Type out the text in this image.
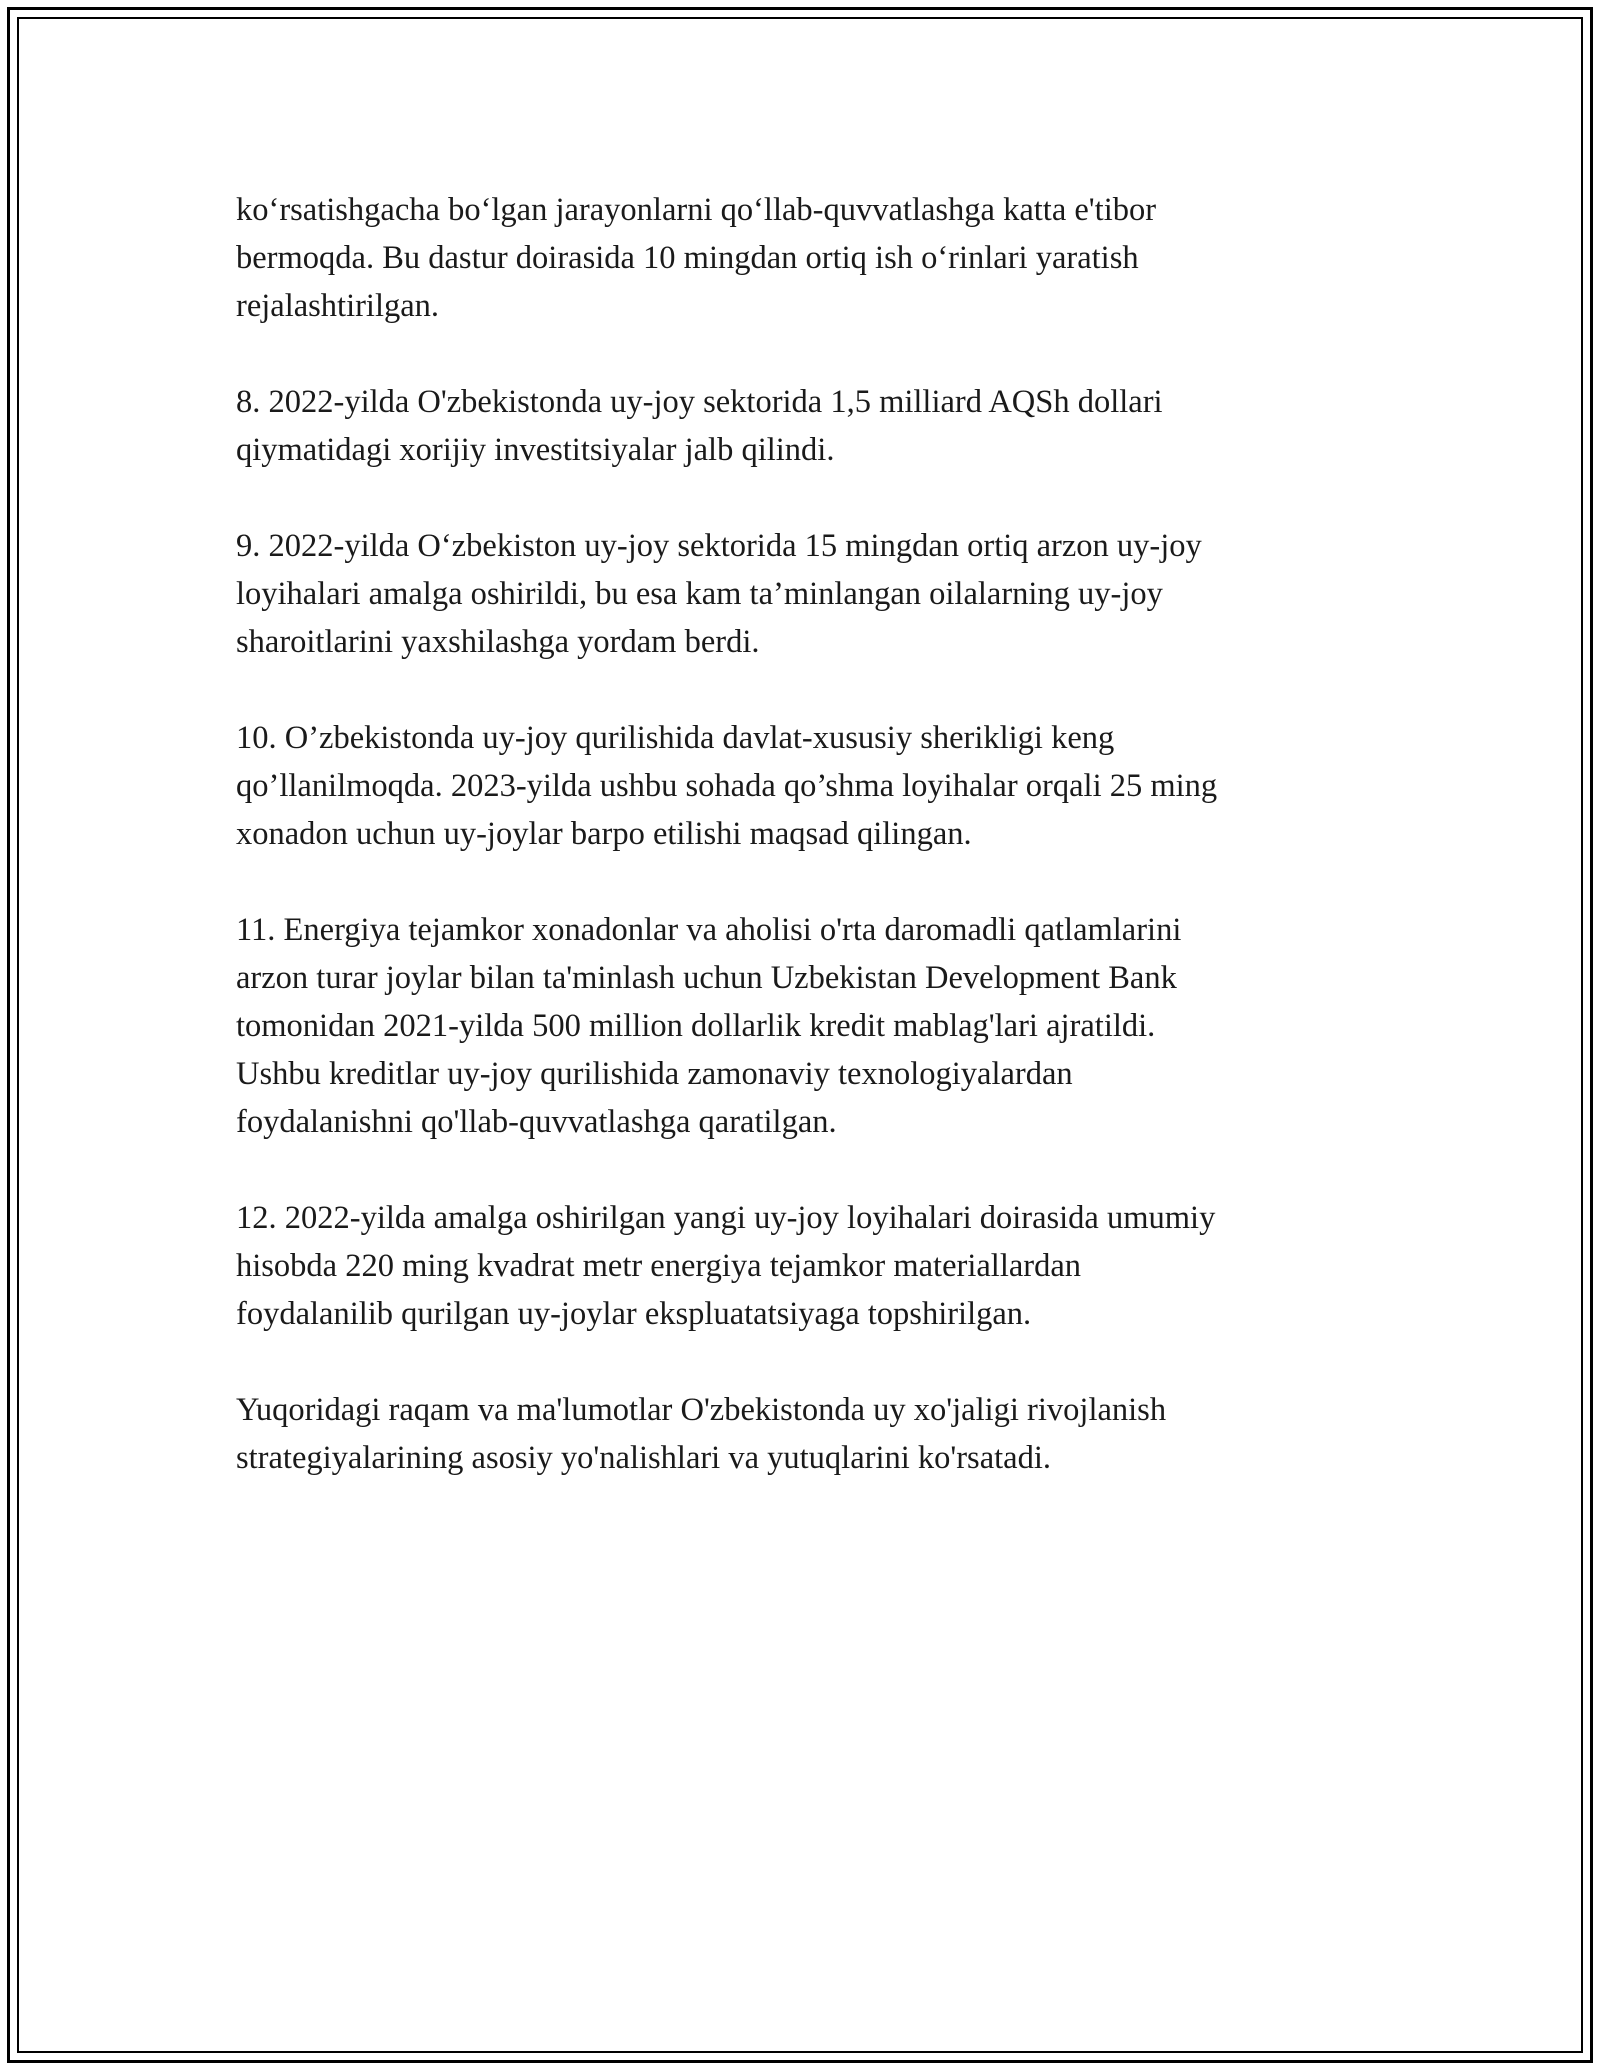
ko‘rsatishgacha bo‘lgan jarayonlarni qo‘llab-quvvatlashga katta e'tibor
bermoqda. Bu dastur doirasida 10 mingdan ortiq ish o‘rinlari yaratish
rejalashtirilgan.

8. 2022-yilda O'zbekistonda uy-joy sektorida 1,5 milliard AQSh dollari
qiymatidagi xorijiy investitsiyalar jalb qilindi.

9. 2022-yilda O‘zbekiston uy-joy sektorida 15 mingdan ortiq arzon uy-joy
loyihalari amalga oshirildi, bu esa kam ta’minlangan oilalarning uy-joy
sharoitlarini yaxshilashga yordam berdi.

10. O’zbekistonda uy-joy qurilishida davlat-xususiy sherikligi keng
qo’llanilmoqda. 2023-yilda ushbu sohada qo’shma loyihalar orqali 25 ming
xonadon uchun uy-joylar barpo etilishi maqsad qilingan.

11. Energiya tejamkor xonadonlar va aholisi o'rta daromadli qatlamlarini
arzon turar joylar bilan ta'minlash uchun Uzbekistan Development Bank
tomonidan 2021-yilda 500 million dollarlik kredit mablag'lari ajratildi.
Ushbu kreditlar uy-joy qurilishida zamonaviy texnologiyalardan
foydalanishni qo'llab-quvvatlashga qaratilgan.

12. 2022-yilda amalga oshirilgan yangi uy-joy loyihalari doirasida umumiy
hisobda 220 ming kvadrat metr energiya tejamkor materiallardan
foydalanilib qurilgan uy-joylar ekspluatatsiyaga topshirilgan.

Yuqoridagi raqam va ma'lumotlar O'zbekistonda uy xo'jaligi rivojlanish
strategiyalarining asosiy yo'nalishlari va yutuqlarini ko'rsatadi.
